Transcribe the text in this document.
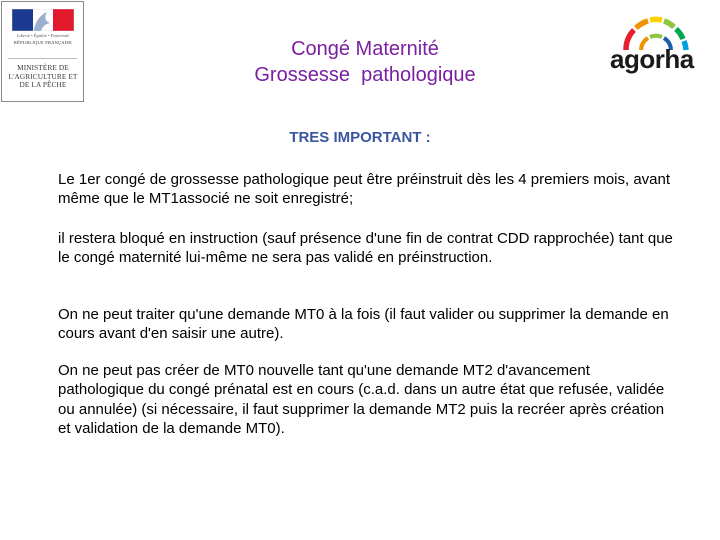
Liberté • Égalité • Fraternité
RÉPUBLIQUE FRANÇAISE
MINISTÈRE DE L'AGRICULTURE ET DE LA PÊCHE
Congé Maternité
Grossesse  pathologique
agorha
TRES IMPORTANT :
Le 1er congé de grossesse pathologique peut être préinstruit dès les 4 premiers mois, avant même que le MT1associé ne soit enregistré;
il restera bloqué en instruction (sauf présence d'une fin de contrat CDD rapprochée) tant que le congé maternité lui-même ne sera pas validé en préinstruction.
On ne peut traiter qu'une demande MT0 à la fois (il faut valider ou supprimer la demande en cours avant d'en saisir une autre).
On ne peut pas créer de MT0 nouvelle tant qu'une demande MT2 d'avancement pathologique du congé prénatal est en cours (c.a.d. dans un autre état que refusée, validée ou annulée) (si nécessaire, il faut supprimer la demande MT2 puis la recréer après création et validation de la demande MT0).
